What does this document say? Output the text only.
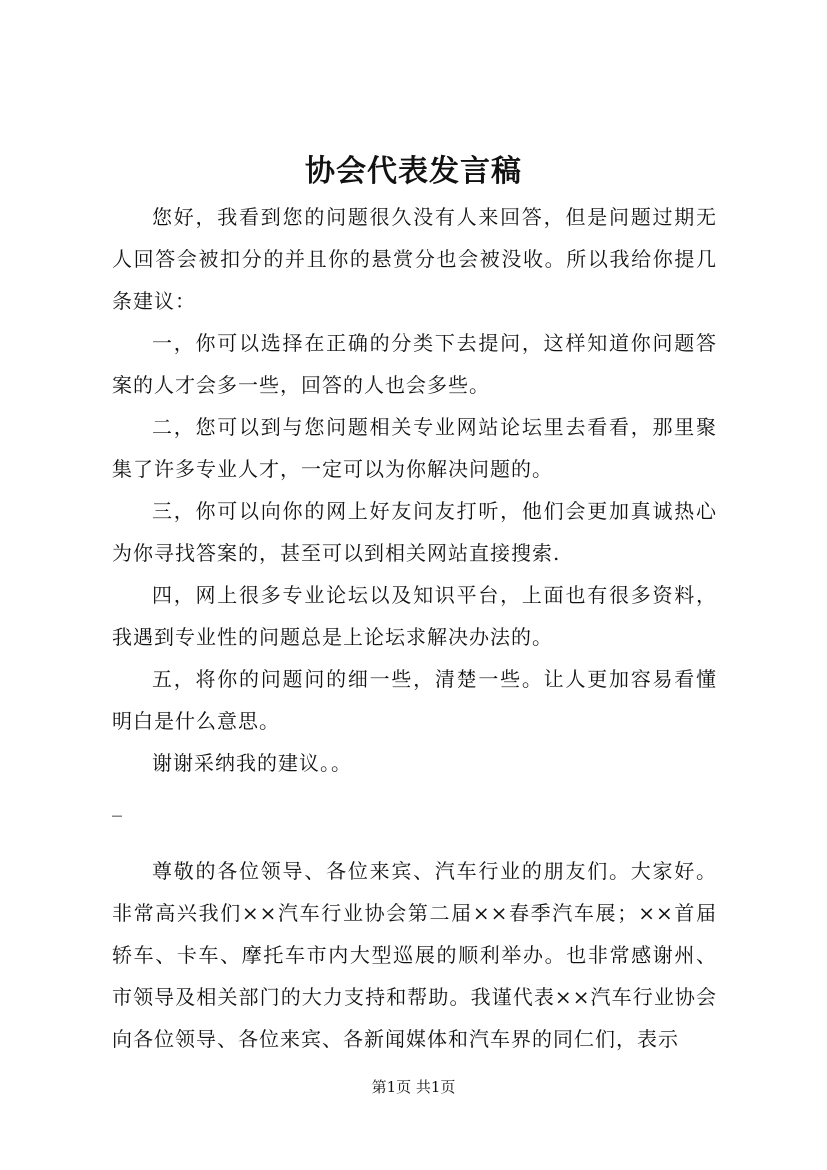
协会代表发言稿

您好，我看到您的问题很久没有人来回答，但是问题过期无人回答会被扣分的并且你的悬赏分也会被没收。所以我给你提几条建议：

一，你可以选择在正确的分类下去提问，这样知道你问题答案的人才会多一些，回答的人也会多些。

二，您可以到与您问题相关专业网站论坛里去看看，那里聚集了许多专业人才，一定可以为你解决问题的。

三，你可以向你的网上好友问友打听，他们会更加真诚热心为你寻找答案的，甚至可以到相关网站直接搜索.

四，网上很多专业论坛以及知识平台，上面也有很多资料，我遇到专业性的问题总是上论坛求解决办法的。

五，将你的问题问的细一些，清楚一些。让人更加容易看懂明白是什么意思。

谢谢采纳我的建议。。

_

尊敬的各位领导、各位来宾、汽车行业的朋友们。大家好。非常高兴我们××汽车行业协会第二届××春季汽车展；××首届轿车、卡车、摩托车市内大型巡展的顺利举办。也非常感谢州、市领导及相关部门的大力支持和帮助。我谨代表××汽车行业协会向各位领导、各位来宾、各新闻媒体和汽车界的同仁们，表示

第1页 共1页
